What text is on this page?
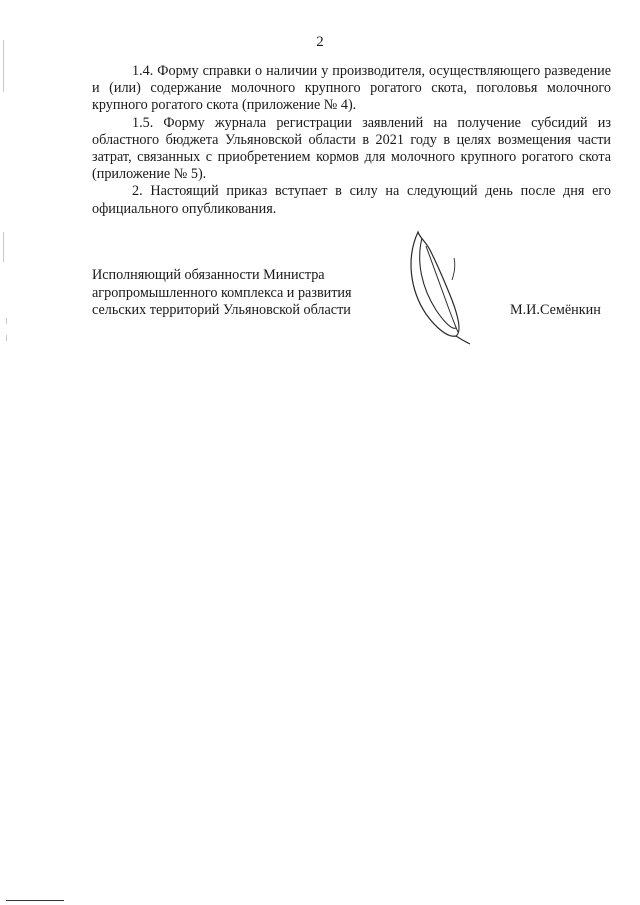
2

1.4. Форму справки о наличии у производителя, осуществляющего разведение и (или) содержание молочного крупного рогатого скота, поголовья молочного крупного рогатого скота (приложение № 4).

1.5. Форму журнала регистрации заявлений на получение субсидий из областного бюджета Ульяновской области в 2021 году в целях возмещения части затрат, связанных с приобретением кормов для молочного крупного рогатого скота (приложение № 5).

2. Настоящий приказ вступает в силу на следующий день после дня его официального опубликования.

Исполняющий обязанности Министра
агропромышленного комплекса и развития
сельских территорий Ульяновской области	М.И.Семёнкин
